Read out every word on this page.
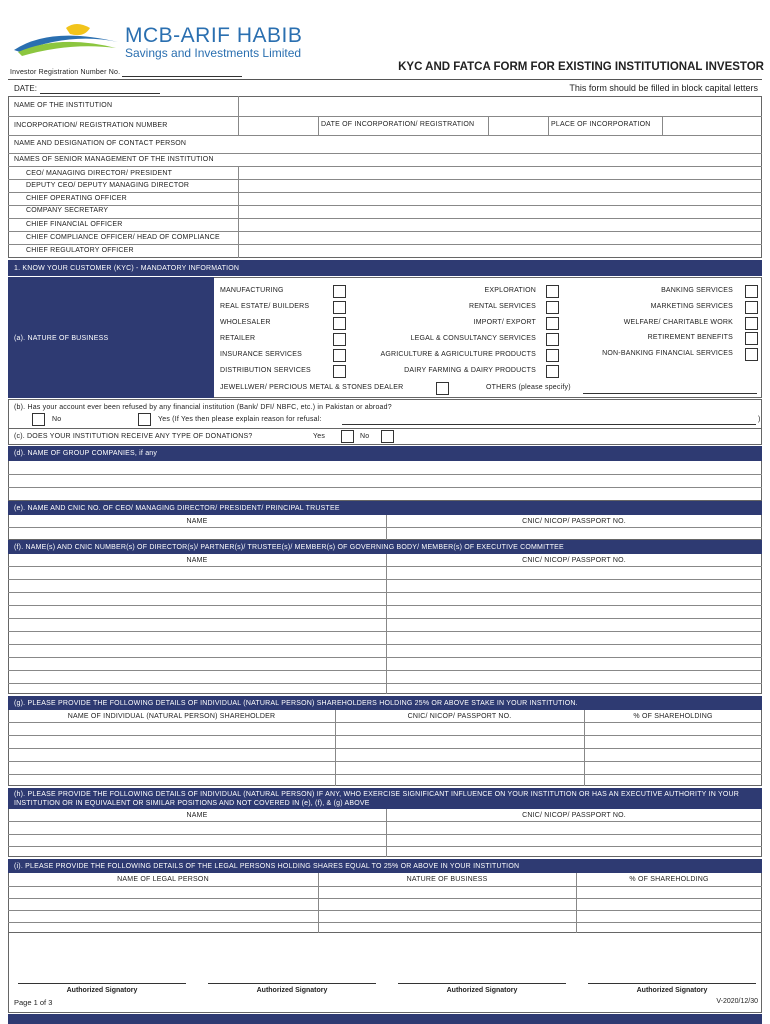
MCB-ARIF HABIB
Savings and Investments Limited
Investor Registration Number No.	KYC AND FATCA FORM FOR EXISTING INSTITUTIONAL INVESTOR
DATE:	This form should be filled in block capital letters
NAME OF THE INSTITUTION
INCORPORATION/ REGISTRATION NUMBER	DATE OF INCORPORATION/ REGISTRATION	PLACE OF INCORPORATION
NAME AND DESIGNATION OF CONTACT PERSON
NAMES OF SENIOR MANAGEMENT OF THE INSTITUTION
CEO/ MANAGING DIRECTOR/ PRESIDENT
DEPUTY CEO/ DEPUTY MANAGING DIRECTOR
CHIEF OPERATING OFFICER
COMPANY SECRETARY
CHIEF FINANCIAL OFFICER
CHIEF COMPLIANCE OFFICER/ HEAD OF COMPLIANCE
CHIEF REGULATORY OFFICER
1. KNOW YOUR CUSTOMER (KYC) - MANDATORY INFORMATION
(a). NATURE OF BUSINESS
MANUFACTURING
REAL ESTATE/ BUILDERS
WHOLESALER
RETAILER
INSURANCE SERVICES
DISTRIBUTION SERVICES
EXPLORATION
RENTAL SERVICES
IMPORT/ EXPORT
LEGAL & CONSULTANCY SERVICES
AGRICULTURE & AGRICULTURE PRODUCTS
DAIRY FARMING & DAIRY PRODUCTS
BANKING SERVICES
MARKETING SERVICES
WELFARE/ CHARITABLE WORK
RETIREMENT BENEFITS
NON-BANKING FINANCIAL SERVICES
JEWELLWER/ PERCIOUS METAL & STONES DEALER	OTHERS (please specify)
(b). Has your account ever been refused by any financial institution (Bank/ DFI/ NBFC, etc.) in Pakistan or abroad?
No	Yes (If Yes then please explain reason for refusal:	)
(c). DOES YOUR INSTITUTION RECEIVE ANY TYPE OF DONATIONS?	Yes	No
(d). NAME OF GROUP COMPANIES, if any
(e). NAME AND CNIC NO. OF CEO/ MANAGING DIRECTOR/ PRESIDENT/ PRINCIPAL TRUSTEE
NAME	CNIC/ NICOP/ PASSPORT NO.
(f). NAME(s) AND CNIC NUMBER(s) OF DIRECTOR(s)/ PARTNER(s)/ TRUSTEE(s)/ MEMBER(s) OF GOVERNING BODY/ MEMBER(s) OF EXECUTIVE COMMITTEE
NAME	CNIC/ NICOP/ PASSPORT NO.
(g). PLEASE PROVIDE THE FOLLOWING DETAILS OF INDIVIDUAL (NATURAL PERSON) SHAREHOLDERS HOLDING 25% OR ABOVE STAKE IN YOUR INSTITUTION.
NAME OF INDIVIDUAL (NATURAL PERSON) SHAREHOLDER	CNIC/ NICOP/ PASSPORT NO.	% OF SHAREHOLDING
(h). PLEASE PROVIDE THE FOLLOWING DETAILS OF INDIVIDUAL (NATURAL PERSON) IF ANY, WHO EXERCISE SIGNIFICANT INFLUENCE ON YOUR INSTITUTION OR HAS AN EXECUTIVE AUTHORITY IN YOUR INSTITUTION OR IN EQUIVALENT OR SIMILAR POSITIONS AND NOT COVERED IN (e), (f), & (g) ABOVE
NAME	CNIC/ NICOP/ PASSPORT NO.
(i). PLEASE PROVIDE THE FOLLOWING DETAILS OF THE LEGAL PERSONS HOLDING SHARES EQUAL TO 25% OR ABOVE IN YOUR INSTITUTION
NAME OF LEGAL PERSON	NATURE OF BUSINESS	% OF SHAREHOLDING
Authorized Signatory	Authorized Signatory	Authorized Signatory	Authorized Signatory
Page 1 of 3	V-2020/12/30
